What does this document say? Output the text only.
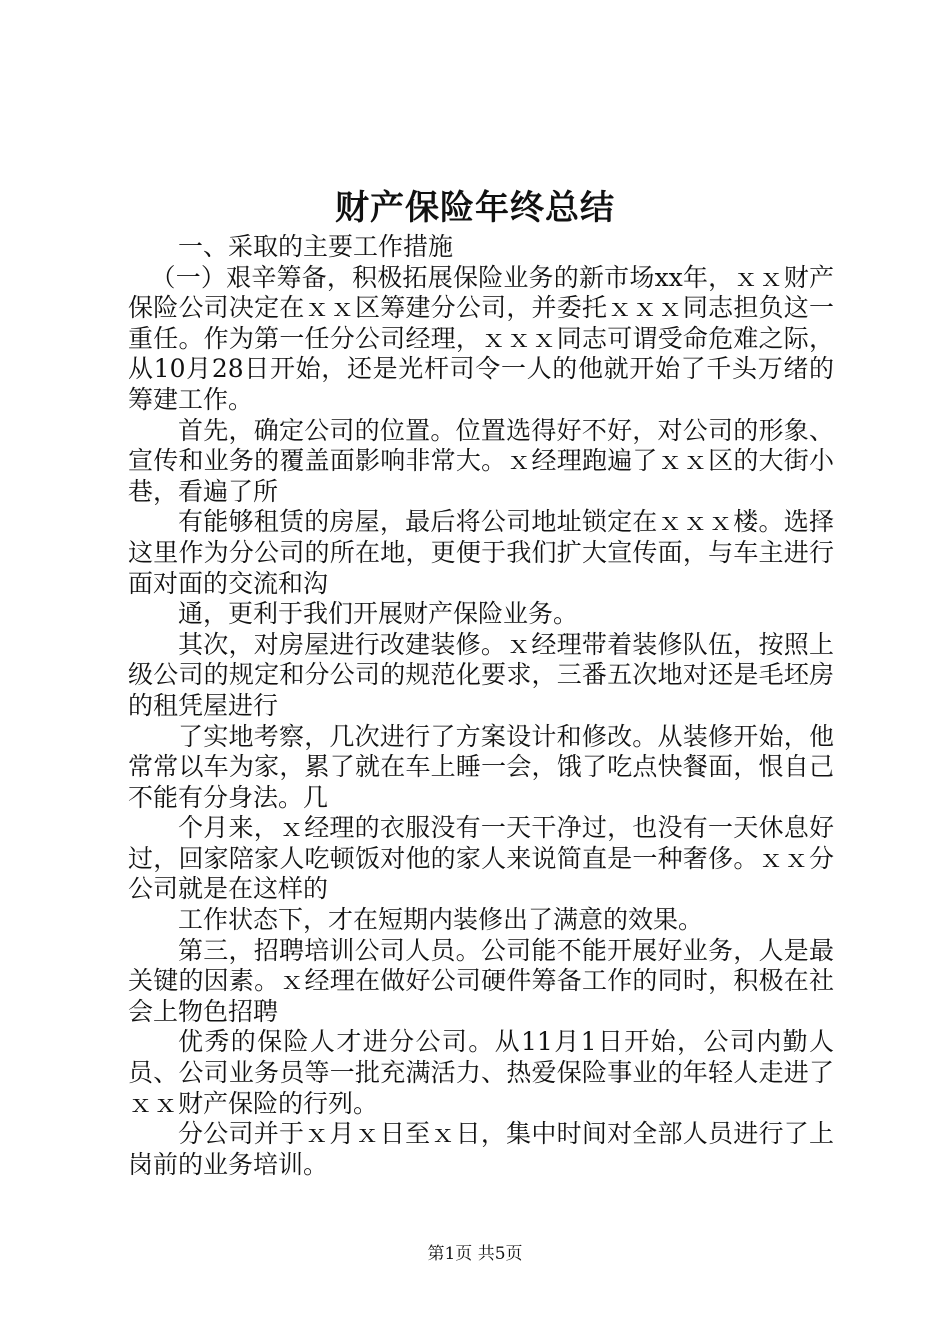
财产保险年终总结

一、采取的主要工作措施

（一）艰辛筹备，积极拓展保险业务的新市场xx年，ｘｘ财产保险公司决定在ｘｘ区筹建分公司，并委托ｘｘｘ同志担负这一重任。作为第一任分公司经理，ｘｘｘ同志可谓受命危难之际，从10月28日开始，还是光杆司令一人的他就开始了千头万绪的筹建工作。

首先，确定公司的位置。位置选得好不好，对公司的形象、宣传和业务的覆盖面影响非常大。ｘ经理跑遍了ｘｘ区的大街小巷，看遍了所

有能够租赁的房屋，最后将公司地址锁定在ｘｘｘ楼。选择这里作为分公司的所在地，更便于我们扩大宣传面，与车主进行面对面的交流和沟

通，更利于我们开展财产保险业务。

其次，对房屋进行改建装修。ｘ经理带着装修队伍，按照上级公司的规定和分公司的规范化要求，三番五次地对还是毛坯房的租凭屋进行

了实地考察，几次进行了方案设计和修改。从装修开始，他常常以车为家，累了就在车上睡一会，饿了吃点快餐面，恨自己不能有分身法。几

个月来，ｘ经理的衣服没有一天干净过，也没有一天休息好过，回家陪家人吃顿饭对他的家人来说简直是一种奢侈。ｘｘ分公司就是在这样的

工作状态下，才在短期内装修出了满意的效果。

第三，招聘培训公司人员。公司能不能开展好业务，人是最关键的因素。ｘ经理在做好公司硬件筹备工作的同时，积极在社会上物色招聘

优秀的保险人才进分公司。从11月1日开始，公司内勤人员、公司业务员等一批充满活力、热爱保险事业的年轻人走进了ｘｘ财产保险的行列。

分公司并于ｘ月ｘ日至ｘ日，集中时间对全部人员进行了上岗前的业务培训。

第1页 共5页
